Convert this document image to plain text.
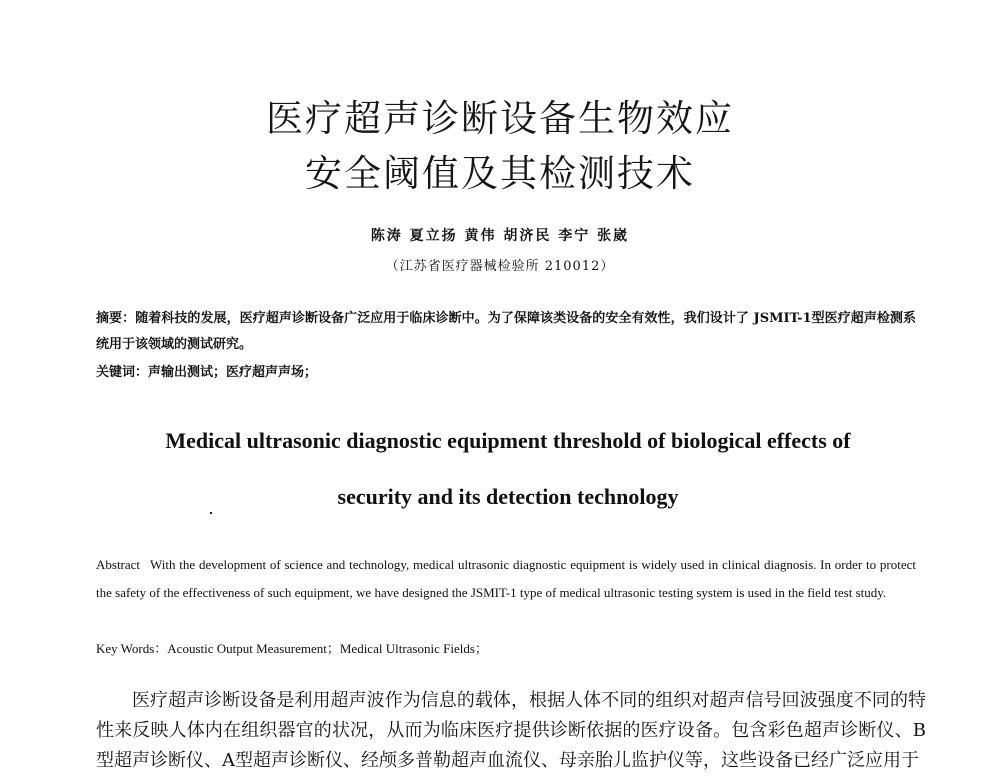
医疗超声诊断设备生物效应
安全阈值及其检测技术
陈涛 夏立扬 黄伟 胡济民 李宁 张崴
（江苏省医疗器械检验所 210012）
摘要：随着科技的发展，医疗超声诊断设备广泛应用于临床诊断中。为了保障该类设备的安全有效性，我们设计了 JSMIT-1型医疗超声检测系统用于该领域的测试研究。
关键词：声输出测试；医疗超声声场；
Medical ultrasonic diagnostic equipment threshold of biological effects of
security and its detection technology
Abstract With the development of science and technology, medical ultrasonic diagnostic equipment is widely used in clinical diagnosis. In order to protect the safety of the effectiveness of such equipment, we have designed the JSMIT-1 type of medical ultrasonic testing system is used in the field test study.
Key Words：Acoustic Output Measurement；Medical Ultrasonic Fields；
医疗超声诊断设备是利用超声波作为信息的载体，根据人体不同的组织对超声信号回波强度不同的特性来反映人体内在组织器官的状况，从而为临床医疗提供诊断依据的医疗设备。包含彩色超声诊断仪、B型超声诊断仪、A型超声诊断仪、经颅多普勒超声血流仪、母亲胎儿监护仪等，这些设备已经广泛应用于
